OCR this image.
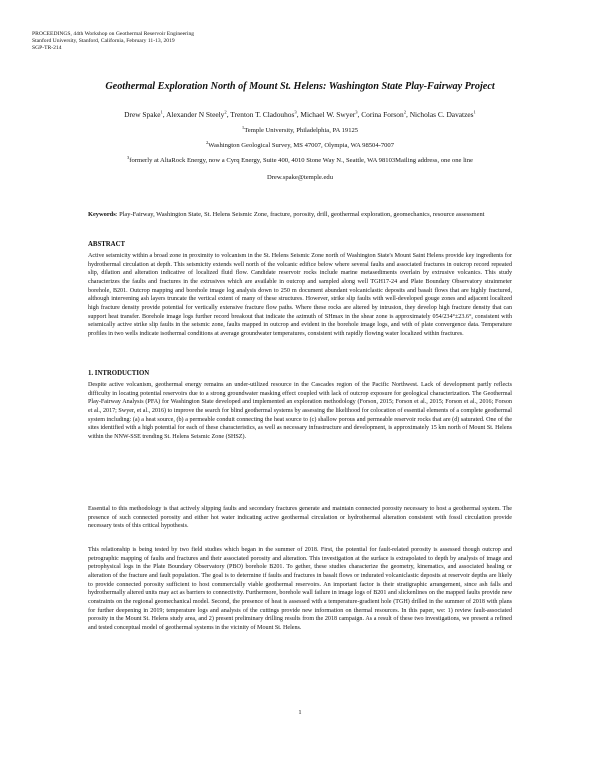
PROCEEDINGS, 44th Workshop on Geothermal Reservoir Engineering
Stanford University, Stanford, California, February 11-13, 2019
SGP-TR-214
Geothermal Exploration North of Mount St. Helens: Washington State Play-Fairway Project
Drew Spake$^1$, Alexander N Steely$^2$, Trenton T. Cladouhos$^3$, Michael W. Swyer$^3$, Corina Forson$^2$, Nicholas C. Davatzes$^1$
$^1$Temple University, Philadelphia, PA 19125
$^2$Washington Geological Survey, MS 47007, Olympia, WA 98504-7007
$^3$formerly at AltaRock Energy, now a Cyrq Energy, Suite 400, 4010 Stone Way N., Seattle, WA 98103Mailing address, one one line
Drew.spake@temple.edu
Keywords: Play-Fairway, Washington State, St. Helens Seismic Zone, fracture, porosity, drill, geothermal exploration, geomechanics, resource assessment
ABSTRACT
Active seismicity within a broad zone in proximity to volcanism in the St. Helens Seismic Zone north of Washington State's Mount Saint Helens provide key ingredients for hydrothermal circulation at depth. This seismicity extends well north of the volcanic edifice below where several faults and associated fractures in outcrop record repeated slip, dilation and alteration indicative of localized fluid flow. Candidate reservoir rocks include marine metasediments overlain by extrusive volcanics. This study characterizes the faults and fractures in the extrusives which are available in outcrop and sampled along well TGH17-24 and Plate Boundary Observatory strainmeter borehole, B201. Outcrop mapping and borehole image log analysis down to 250 m document abundant volcaniclastic deposits and basalt flows that are highly fractured, although intervening ash layers truncate the vertical extent of many of these structures. However, strike slip faults with well-developed gouge zones and adjacent localized high fracture density provide potential for vertically extensive fracture flow paths. Where these rocks are altered by intrusion, they develop high fracture density that can support heat transfer. Borehole image logs further record breakout that indicate the azimuth of SHmax in the shear zone is approximately 054/234°±23.6°, consistent with seismically active strike slip faults in the seismic zone, faults mapped in outcrop and evident in the borehole image logs, and with of plate convergence data. Temperature profiles in two wells indicate isothermal conditions at average groundwater temperatures, consistent with rapidly flowing water localized within fractures.
1. INTRODUCTION
Despite active volcanism, geothermal energy remains an under-utilized resource in the Cascades region of the Pacific Northwest. Lack of development partly reflects difficulty in locating potential reservoirs due to a strong groundwater masking effect coupled with lack of outcrop exposure for geological characterization. The Geothermal Play-Fairway Analysis (PFA) for Washington State developed and implemented an exploration methodology (Forson, 2015; Forson et al., 2015; Forson et al., 2016; Forson et al., 2017; Swyer, et al., 2016) to improve the search for blind geothermal systems by assessing the likelihood for colocation of essential elements of a complete geothermal system including: (a) a heat source, (b) a permeable conduit connecting the heat source to (c) shallow porous and permeable reservoir rocks that are (d) saturated. One of the sites identified with a high potential for each of these characteristics, as well as necessary infrastructure and development, is approximately 15 km north of Mount St. Helens within the NNW-SSE trending St. Helens Seismic Zone (SHSZ).
Essential to this methodology is that actively slipping faults and secondary fractures generate and maintain connected porosity necessary to host a geothermal system. The presence of such connected porosity and either hot water indicating active geothermal circulation or hydrothermal alteration consistent with fossil circulation provide necessary tests of this critical hypothesis.
This relationship is being tested by two field studies which began in the summer of 2018. First, the potential for fault-related porosity is assessed though outcrop and petrographic mapping of faults and fractures and their associated porosity and alteration. This investigation at the surface is extrapolated to depth by analysis of image and petrophysical logs in the Plate Boundary Observatory (PBO) borehole B201. To gether, these studies characterize the geometry, kinematics, and associated healing or alteration of the fracture and fault population. The goal is to determine if faults and fractures in basalt flows or indurated volcaniclastic deposits at reservoir depths are likely to provide connected porosity sufficient to host commercially viable geothermal reservoirs. An important factor is their stratigraphic arrangement, since ash falls and hydrothermally altered units may act as barriers to connectivity. Furthermore, borehole wall failure in image logs of B201 and slickenlines on the mapped faults provide new constraints on the regional geomechanical model. Second, the presence of heat is assessed with a temperature-gradient hole (TGH) drilled in the summer of 2018 with plans for further deepening in 2019; temperature logs and analysis of the cuttings provide new information on thermal resources. In this paper, we: 1) review fault-associated porosity in the Mount St. Helens study area, and 2) present preliminary drilling results from the 2018 campaign. As a result of these two investigations, we present a refined and tested conceptual model of geothermal systems in the vicinity of Mount St. Helens.
1
